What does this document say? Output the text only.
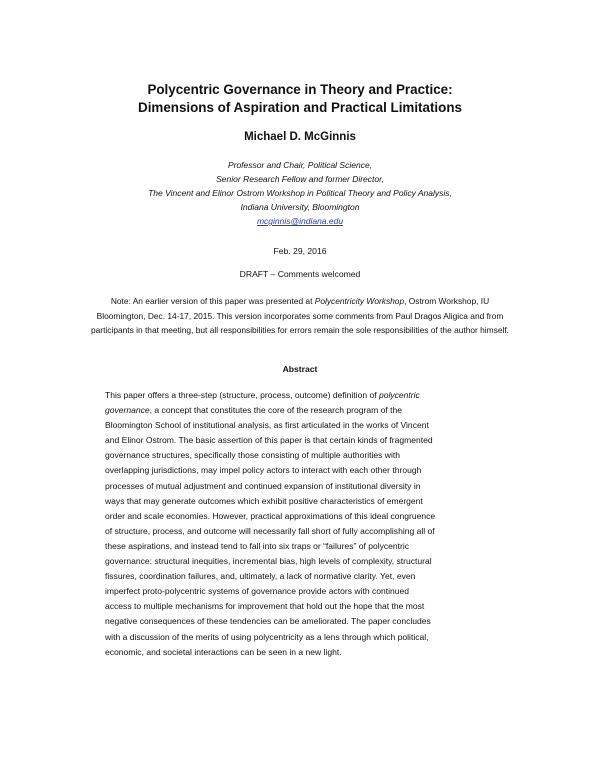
Polycentric Governance in Theory and Practice:
Dimensions of Aspiration and Practical Limitations
Michael D. McGinnis
Professor and Chair, Political Science,
Senior Research Fellow and former Director,
The Vincent and Elinor Ostrom Workshop in Political Theory and Policy Analysis,
Indiana University, Bloomington
mcginnis@indiana.edu
Feb. 29, 2016
DRAFT – Comments welcomed
Note: An earlier version of this paper was presented at Polycentricity Workshop, Ostrom Workshop, IU
Bloomington, Dec. 14-17, 2015. This version incorporates some comments from Paul Dragos Aligica and from
participants in that meeting, but all responsibilities for errors remain the sole responsibilities of the author himself.
Abstract
This paper offers a three-step (structure, process, outcome) definition of polycentric
governance, a concept that constitutes the core of the research program of the
Bloomington School of institutional analysis, as first articulated in the works of Vincent
and Elinor Ostrom. The basic assertion of this paper is that certain kinds of fragmented
governance structures, specifically those consisting of multiple authorities with
overlapping jurisdictions, may impel policy actors to interact with each other through
processes of mutual adjustment and continued expansion of institutional diversity in
ways that may generate outcomes which exhibit positive characteristics of emergent
order and scale economies. However, practical approximations of this ideal congruence
of structure, process, and outcome will necessarily fall short of fully accomplishing all of
these aspirations, and instead tend to fall into six traps or “failures” of polycentric
governance: structural inequities, incremental bias, high levels of complexity, structural
fissures, coordination failures, and, ultimately, a lack of normative clarity. Yet, even
imperfect proto-polycentric systems of governance provide actors with continued
access to multiple mechanisms for improvement that hold out the hope that the most
negative consequences of these tendencies can be ameliorated. The paper concludes
with a discussion of the merits of using polycentricity as a lens through which political,
economic, and societal interactions can be seen in a new light.
